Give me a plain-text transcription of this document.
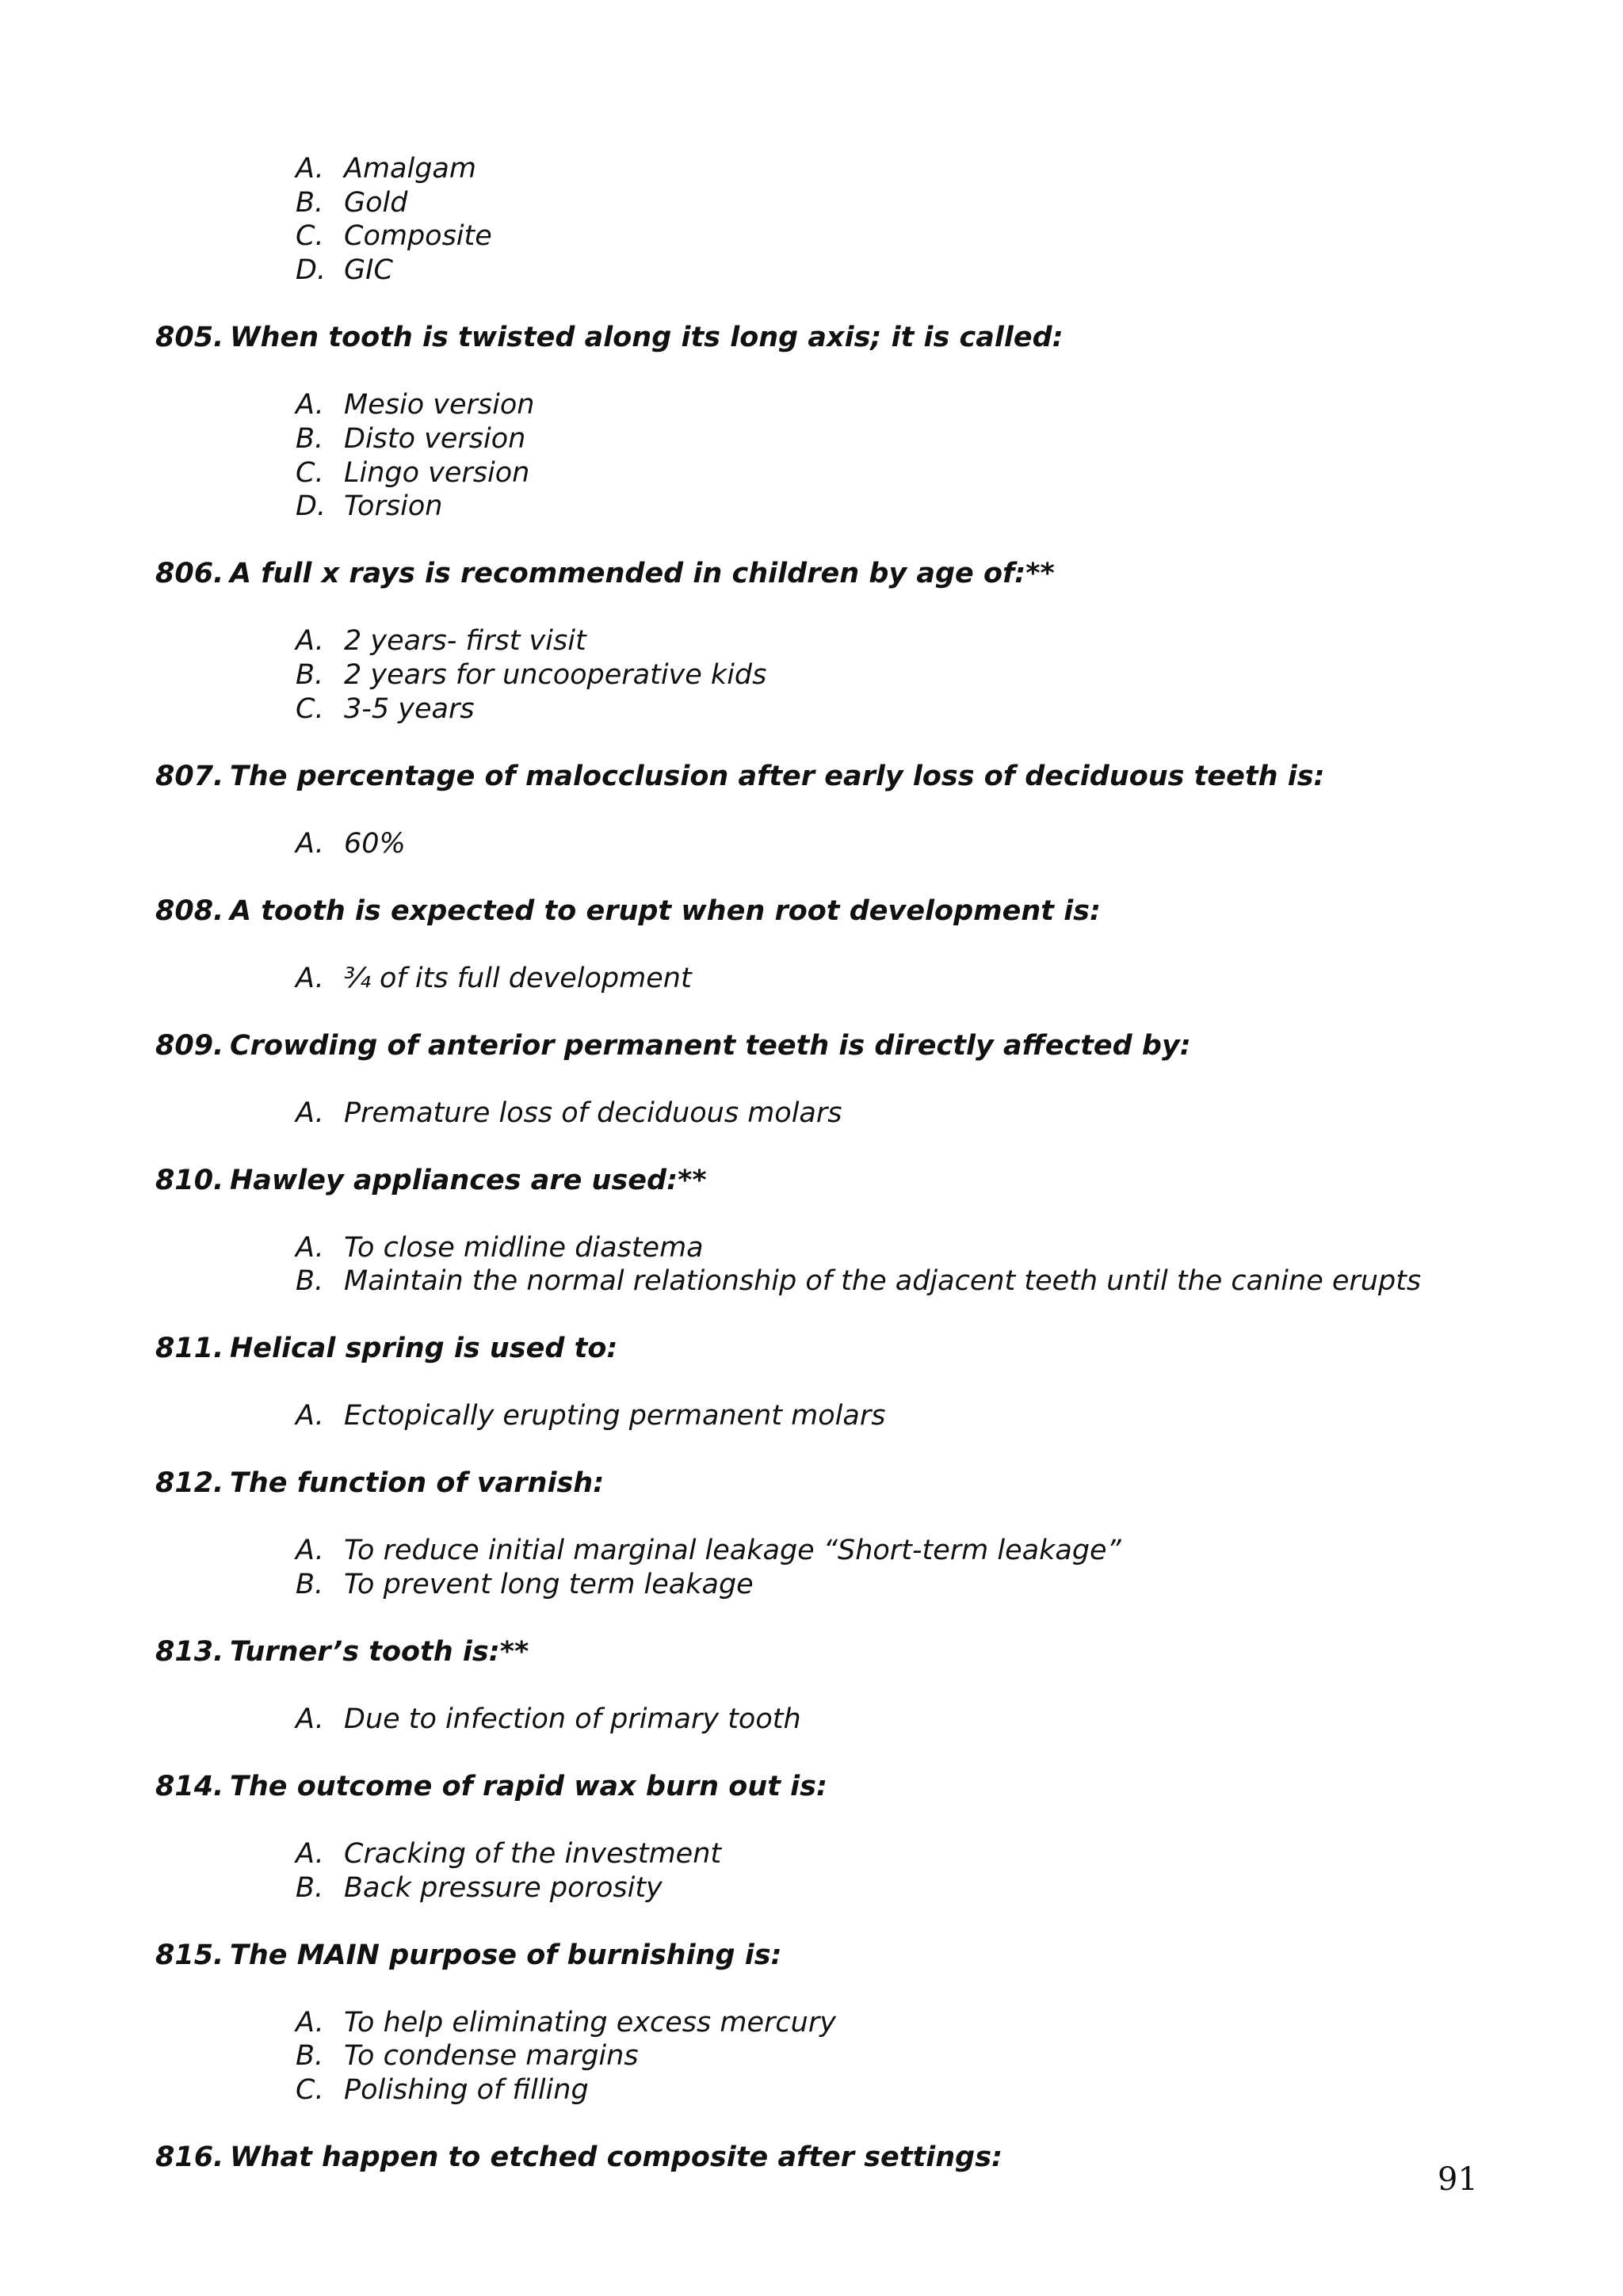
A. Amalgam
B. Gold
C. Composite
D. GIC
805. When tooth is twisted along its long axis; it is called:
A. Mesio version
B. Disto version
C. Lingo version
D. Torsion
806. A full x rays is recommended in children by age of:**
A. 2 years- first visit
B. 2 years for uncooperative kids
C. 3-5 years
807. The percentage of malocclusion after early loss of deciduous teeth is:
A. 60%
808. A tooth is expected to erupt when root development is:
A. ¾ of its full development
809. Crowding of anterior permanent teeth is directly affected by:
A. Premature loss of deciduous molars
810. Hawley appliances are used:**
A. To close midline diastema
B. Maintain the normal relationship of the adjacent teeth until the canine erupts
811. Helical spring is used to:
A. Ectopically erupting permanent molars
812. The function of varnish:
A. To reduce initial marginal leakage “Short-term leakage”
B. To prevent long term leakage
813. Turner’s tooth is:**
A. Due to infection of primary tooth
814. The outcome of rapid wax burn out is:
A. Cracking of the investment
B. Back pressure porosity
815. The MAIN purpose of burnishing is:
A. To help eliminating excess mercury
B. To condense margins
C. Polishing of filling
816. What happen to etched composite after settings:
91
